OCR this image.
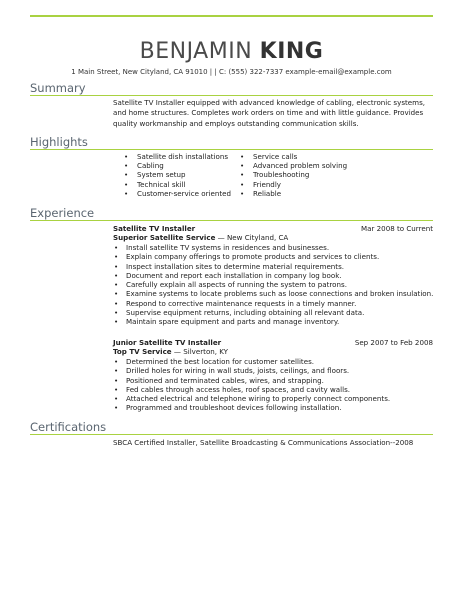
BENJAMIN KING
1 Main Street, New Cityland, CA 91010 | | C: (555) 322-7337 example-email@example.com
Summary
Satellite TV Installer equipped with advanced knowledge of cabling, electronic systems, and home structures. Completes work orders on time and with little guidance. Provides quality workmanship and employs outstanding communication skills.
Highlights
• Satellite dish installations
• Cabling
• System setup
• Technical skill
• Customer-service oriented
• Service calls
• Advanced problem solving
• Troubleshooting
• Friendly
• Reliable
Experience
Satellite TV Installer	Mar 2008 to Current
Superior Satellite Service — New Cityland, CA
• Install satellite TV systems in residences and businesses.
• Explain company offerings to promote products and services to clients.
• Inspect installation sites to determine material requirements.
• Document and report each installation in company log book.
• Carefully explain all aspects of running the system to patrons.
• Examine systems to locate problems such as loose connections and broken insulation.
• Respond to corrective maintenance requests in a timely manner.
• Supervise equipment returns, including obtaining all relevant data.
• Maintain spare equipment and parts and manage inventory.
Junior Satellite TV Installer	Sep 2007 to Feb 2008
Top TV Service — Silverton, KY
• Determined the best location for customer satellites.
• Drilled holes for wiring in wall studs, joists, ceilings, and floors.
• Positioned and terminated cables, wires, and strapping.
• Fed cables through access holes, roof spaces, and cavity walls.
• Attached electrical and telephone wiring to properly connect components.
• Programmed and troubleshoot devices following installation.
Certifications
SBCA Certified Installer, Satellite Broadcasting & Communications Association--2008
